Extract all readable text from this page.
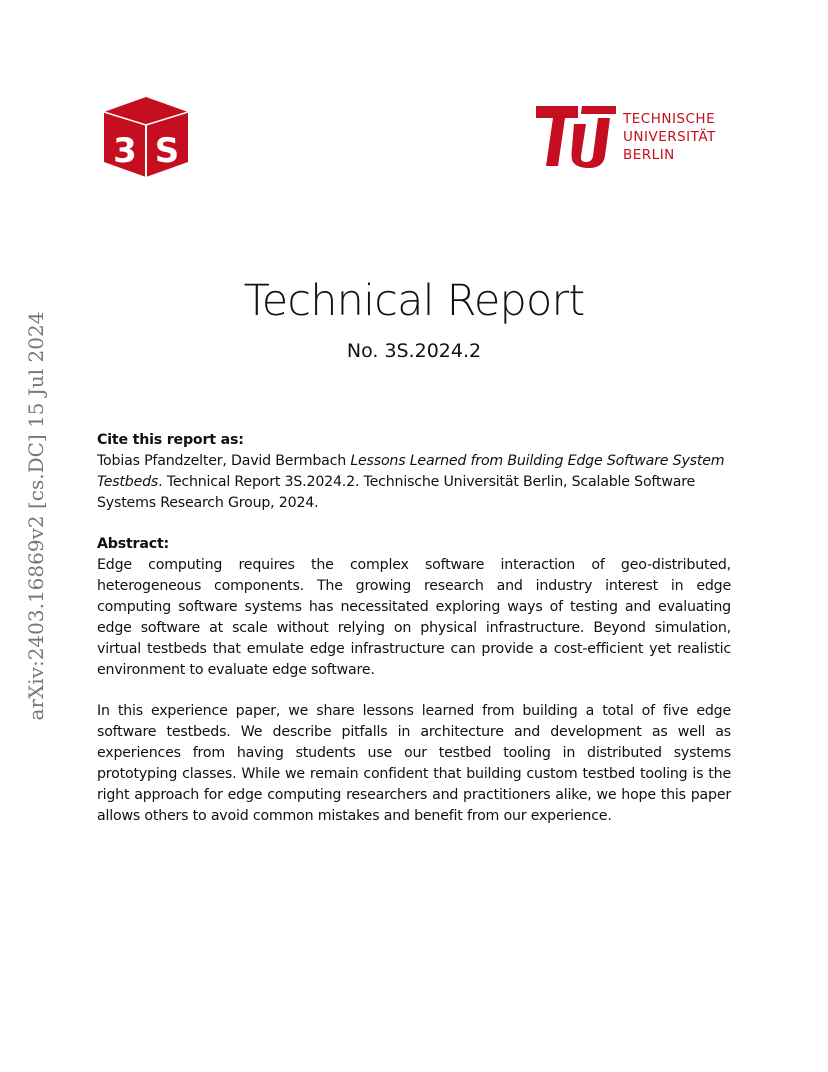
3 S
TECHNISCHE
UNIVERSITÄT
BERLIN
arXiv:2403.16869v2 [cs.DC] 15 Jul 2024
Technical Report
No. 3S.2024.2

Cite this report as:

Tobias Pfandzelter, David Bermbach Lessons Learned from Building Edge Software System Testbeds. Technical Report 3S.2024.2. Technische Universität Berlin, Scalable Software Systems Research Group, 2024.

Abstract:

Edge computing requires the complex software interaction of geo-distributed, heterogeneous components. The growing research and industry interest in edge computing software systems has necessitated exploring ways of testing and evaluating edge software at scale without relying on physical infrastructure. Beyond simulation, virtual testbeds that emulate edge infrastructure can provide a cost-efficient yet realistic environment to evaluate edge software.

In this experience paper, we share lessons learned from building a total of five edge software testbeds. We describe pitfalls in architecture and development as well as experiences from having students use our testbed tooling in distributed systems prototyping classes. While we remain confident that building custom testbed tooling is the right approach for edge computing researchers and practitioners alike, we hope this paper allows others to avoid common mistakes and benefit from our experience.
